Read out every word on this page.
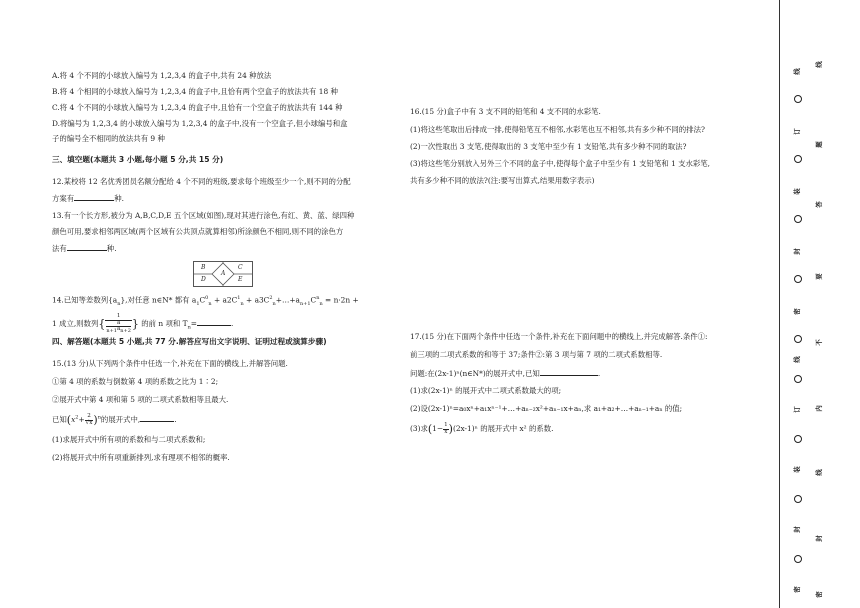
A.将 4 个不同的小球放入编号为 1,2,3,4 的盒子中,共有 24 种放法
B.将 4 个相同的小球放入编号为 1,2,3,4 的盒子中,且恰有两个空盒子的放法共有 18 种
C.将 4 个不同的小球放入编号为 1,2,3,4 的盒子中,且恰有一个空盒子的放法共有 144 种
D.将编号为 1,2,3,4 的小球放入编号为 1,2,3,4 的盒子中,没有一个空盒子,但小球编号和盒
子的编号全不相同的放法共有 9 种
三、填空题(本题共 3 小题,每小题 5 分,共 15 分)
12.某校将 12 名优秀团员名额分配给 4 个不同的班级,要求每个班级至少一个,则不同的分配
方案有	种.
13.有一个长方形,被分为 A,B,C,D,E 五个区域(如图),现对其进行涂色,有红、黄、蓝、绿四种
颜色可用,要求相邻两区域(两个区域有公共顶点就算相邻)所涂颜色不相同,则不同的涂色方
法有	种.
B	C
A
D	E
14.已知等差数列$\{a_n\}$,对任意 n∈N* 都有 $a_1C^0_n + a2C^1_n$ + $a3C^2_n+\dots+a_{n+1}C^n_n = n\cdot 2n$ +
1 成立,则数列{ 1
a
$_{n+1}a_{n+2}$ } 的前 n 项和 $T_n=$	.
四、解答题(本题共 5 小题,共 77 分.解答应写出文字说明、证明过程或演算步骤)
15.(13 分)从下列两个条件中任选一个,补充在下面的横线上,并解答问题.
①第 4 项的系数与倒数第 4 项的系数之比为 1∶2;
②展开式中第 4 项和第 5 项的二项式系数相等且最大.
已知$(x^2+ \frac{2}{√x} )^n$的展开式中,	.
(1)求展开式中所有项的系数和与二项式系数和;
(2)将展开式中所有项重新排列,求有理项不相邻的概率.
16.(15 分)盒子中有 3 支不同的铅笔和 4 支不同的水彩笔.
(1)将这些笔取出后排成一排,使得铅笔互不相邻,水彩笔也互不相邻,共有多少种不同的排法?
(2)一次性取出 3 支笔,使得取出的 3 支笔中至少有 1 支铅笔,共有多少种不同的取法?
(3)将这些笔分别放入另外三个不同的盒子中,使得每个盒子中至少有 1 支铅笔和 1 支水彩笔,
共有多少种不同的放法?(注:要写出算式,结果用数字表示)
17.(15 分)在下面两个条件中任选一个条件,补充在下面问题中的横线上,并完成解答.条件①:
前三项的二项式系数的和等于 37;条件②:第 3 项与第 7 项的二项式系数相等.
问题:在(2x-1)ⁿ(n∈N*)的展开式中,已知	.
(1)求(2x-1)ⁿ 的展开式中二项式系数最大的项;
(2)设(2x-1)ⁿ=a₀xⁿ+a₁xⁿ⁻¹+…+aₙ₋₂x²+aₙ₋₁x+aₙ,求 a₁+a₂+…+aₙ₋₁+aₙ 的值;
(3)求$(1- \frac{1}{x} )(2x-1)^n$ 的展开式中 x² 的系数.
线
订
装
封
密
线
订
装
封
密
线
题
答
要
不
内
线
封
密
